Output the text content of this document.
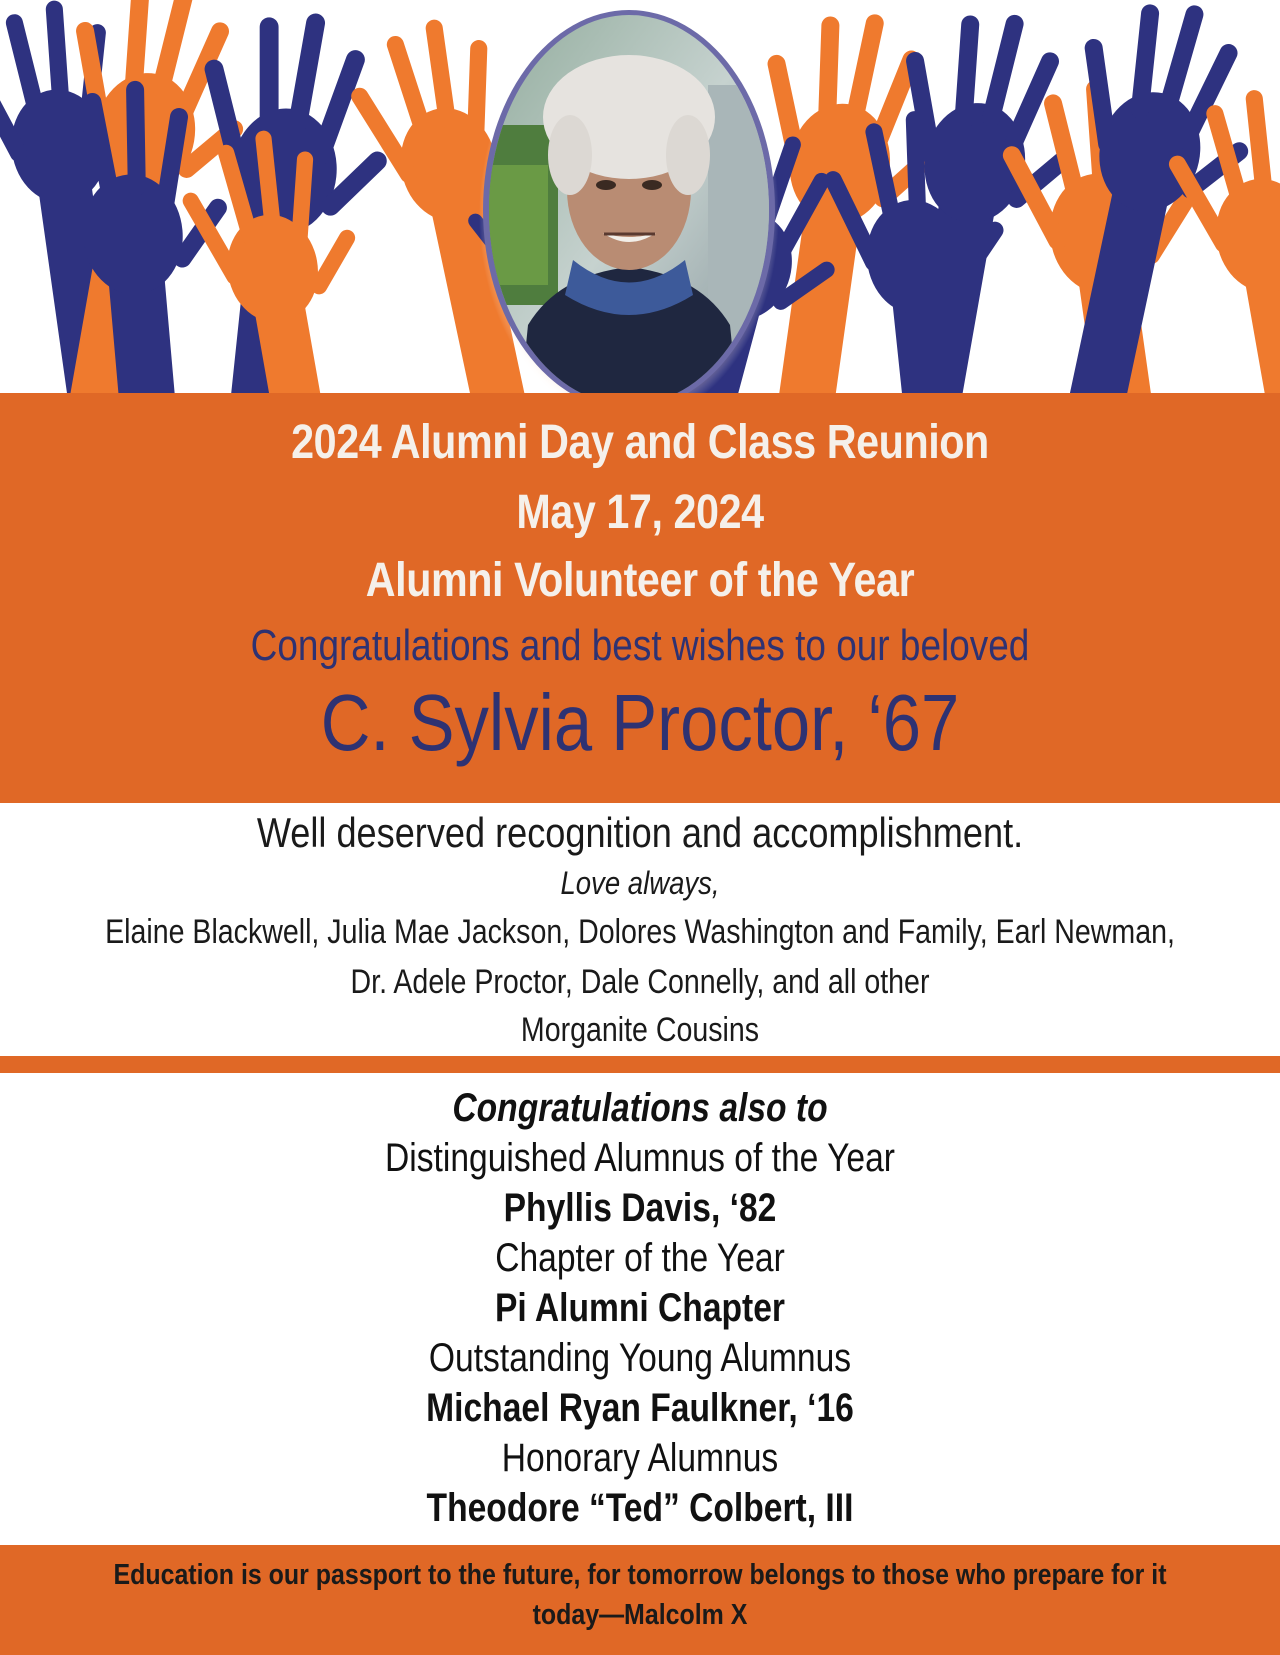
2024 Alumni Day and Class Reunion
May 17, 2024
Alumni Volunteer of the Year
Congratulations and best wishes to our beloved
C. Sylvia Proctor, ‘67
Well deserved recognition and accomplishment.
Love always,
Elaine Blackwell, Julia Mae Jackson, Dolores Washington and Family, Earl Newman,
Dr. Adele Proctor, Dale Connelly, and all other
Morganite Cousins
Congratulations also to
Distinguished Alumnus of the Year
Phyllis Davis, ‘82
Chapter of the Year
Pi Alumni Chapter
Outstanding Young Alumnus
Michael Ryan Faulkner, ‘16
Honorary Alumnus
Theodore “Ted” Colbert, III
Education is our passport to the future, for tomorrow belongs to those who prepare for it
today—Malcolm X
